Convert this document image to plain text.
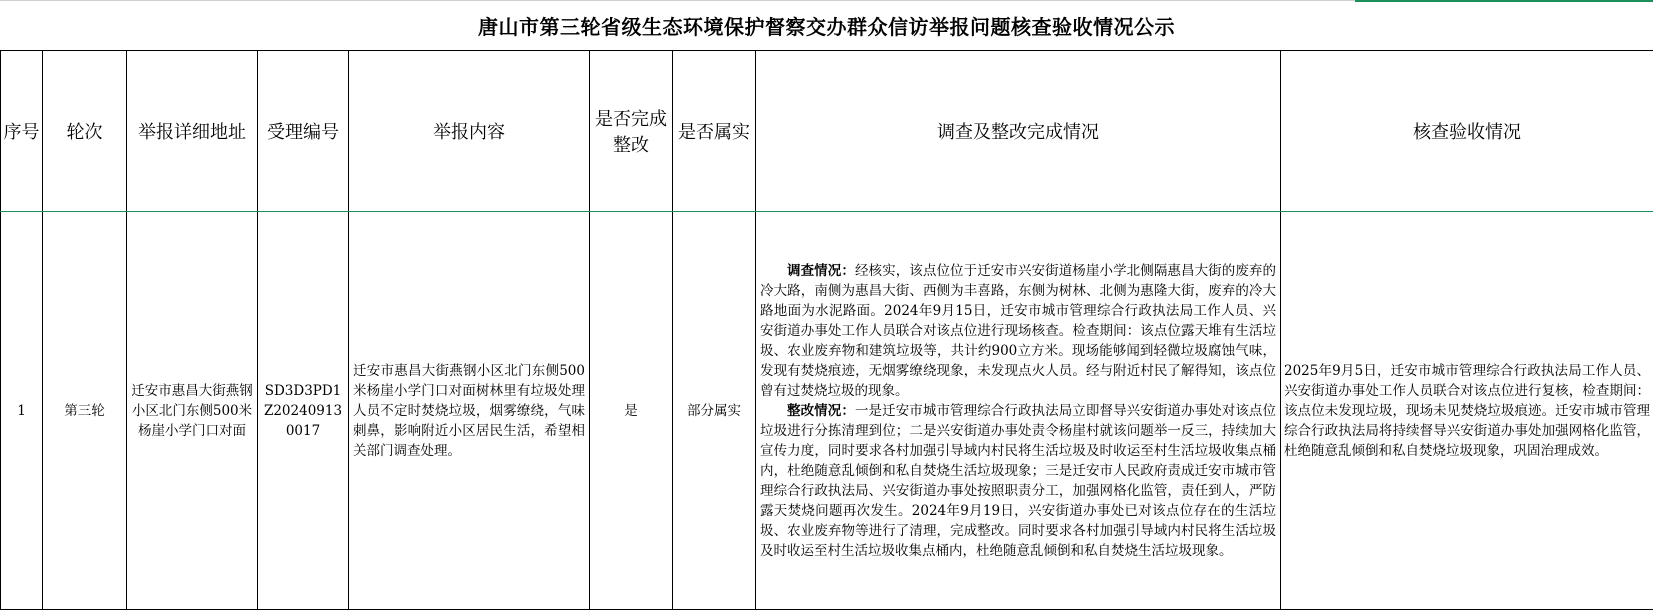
唐山市第三轮省级生态环境保护督察交办群众信访举报问题核查验收情况公示
序号	轮次	举报详细地址	受理编号	举报内容	是否完成整改	是否属实	调查及整改完成情况	核查验收情况
1	第三轮	迁安市惠昌大街燕钢小区北门东侧500米杨崖小学门口对面	SD3D3PD1Z202409130017	迁安市惠昌大街燕钢小区北门东侧500米杨崖小学门口对面树林里有垃圾处理人员不定时焚烧垃圾，烟雾缭绕，气味刺鼻，影响附近小区居民生活，希望相关部门调查处理。	是	部分属实	调查情况：经核实，该点位位于迁安市兴安街道杨崖小学北侧隔惠昌大街的废弃的冷大路，南侧为惠昌大街、西侧为丰喜路，东侧为树林、北侧为惠隆大街，废弃的冷大路地面为水泥路面。2024年9月15日，迁安市城市管理综合行政执法局工作人员、兴安街道办事处工作人员联合对该点位进行现场核查。检查期间：该点位露天堆有生活垃圾、农业废弃物和建筑垃圾等，共计约900立方米。现场能够闻到轻微垃圾腐蚀气味，发现有焚烧痕迹，无烟雾缭绕现象，未发现点火人员。经与附近村民了解得知，该点位曾有过焚烧垃圾的现象。

整改情况：一是迁安市城市管理综合行政执法局立即督导兴安街道办事处对该点位垃圾进行分拣清理到位；二是兴安街道办事处责令杨崖村就该问题举一反三，持续加大宣传力度，同时要求各村加强引导域内村民将生活垃圾及时收运至村生活垃圾收集点桶内，杜绝随意乱倾倒和私自焚烧生活垃圾现象；三是迁安市人民政府责成迁安市城市管理综合行政执法局、兴安街道办事处按照职责分工，加强网格化监管，责任到人，严防露天焚烧问题再次发生。2024年9月19日，兴安街道办事处已对该点位存在的生活垃圾、农业废弃物等进行了清理，完成整改。同时要求各村加强引导域内村民将生活垃圾及时收运至村生活垃圾收集点桶内，杜绝随意乱倾倒和私自焚烧生活垃圾现象。	2025年9月5日，迁安市城市管理综合行政执法局工作人员、兴安街道办事处工作人员联合对该点位进行复核，检查期间：该点位未发现垃圾，现场未见焚烧垃圾痕迹。迁安市城市管理综合行政执法局将持续督导兴安街道办事处加强网格化监管，杜绝随意乱倾倒和私自焚烧垃圾现象，巩固治理成效。
